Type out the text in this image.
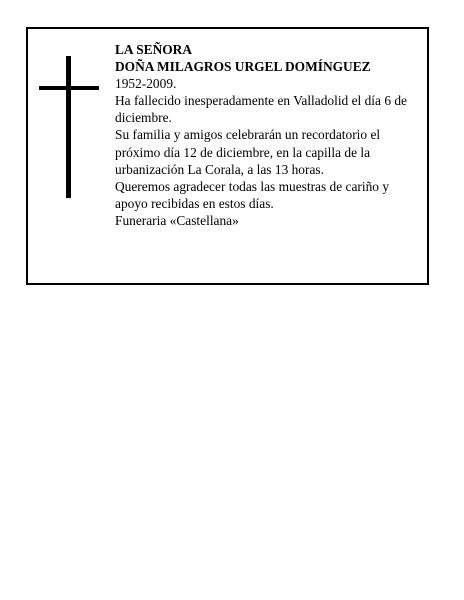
LA SEÑORA

DOÑA MILAGROS URGEL DOMÍNGUEZ

1952-2009.

Ha fallecido inesperadamente en Valladolid el día 6 de diciembre.

Su familia y amigos celebrarán un recordatorio el próximo día 12 de diciembre, en la capilla de la urbanización La Corala, a las 13 horas.

Queremos agradecer todas las muestras de cariño y apoyo recibidas en estos días.

Funeraria «Castellana»
